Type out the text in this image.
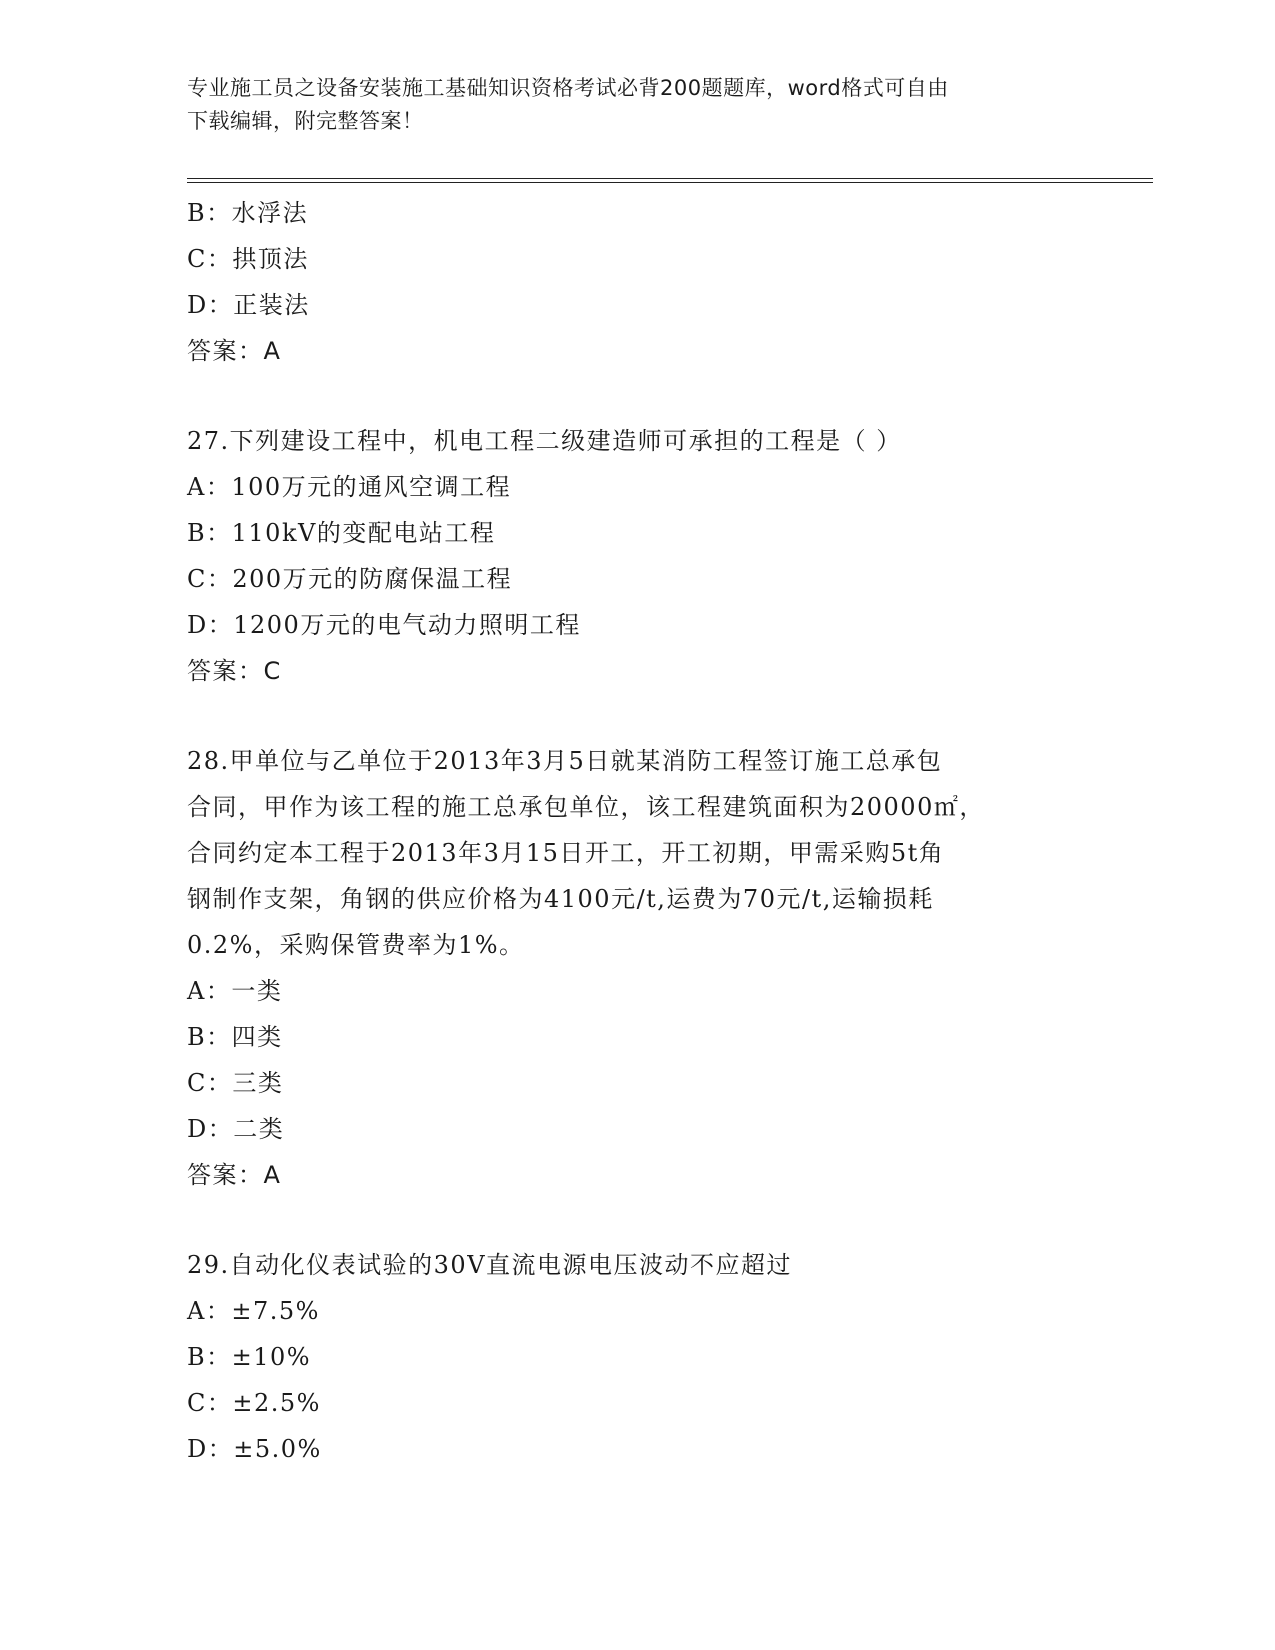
专业施工员之设备安装施工基础知识资格考试必背200题题库，word格式可自由
下载编辑，附完整答案！
B：水浮法
C：拱顶法
D：正装法
答案：A
27.下列建设工程中，机电工程二级建造师可承担的工程是（ ）
A：100万元的通风空调工程
B：110kV的变配电站工程
C：200万元的防腐保温工程
D：1200万元的电气动力照明工程
答案：C
28.甲单位与乙单位于2013年3月5日就某消防工程签订施工总承包
合同，甲作为该工程的施工总承包单位，该工程建筑面积为20000㎡，
合同约定本工程于2013年3月15日开工，开工初期，甲需采购5t角
钢制作支架，角钢的供应价格为4100元/t,运费为70元/t,运输损耗
0.2%，采购保管费率为1%。
A：一类
B：四类
C：三类
D：二类
答案：A
29.自动化仪表试验的30V直流电源电压波动不应超过
A：±7.5%
B：±10%
C：±2.5%
D：±5.0%
